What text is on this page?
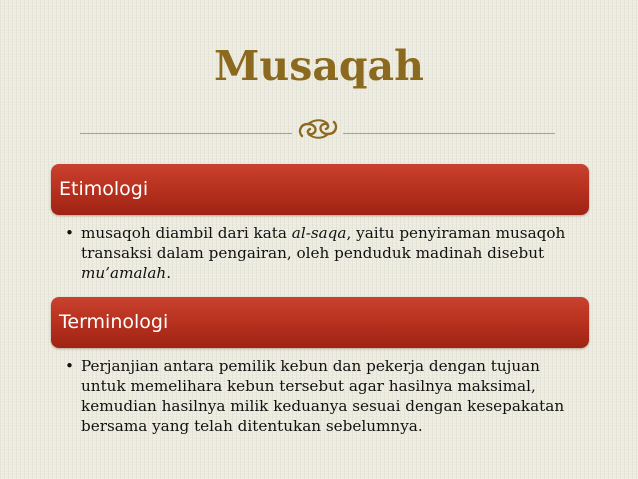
Musaqah
Etimologi
• musaqoh diambil dari kata al-saqa, yaitu penyiraman musaqoh transaksi dalam pengairan, oleh penduduk madinah disebut mu’amalah.
Terminologi
• Perjanjian antara pemilik kebun dan pekerja dengan tujuan untuk memelihara kebun tersebut agar hasilnya maksimal, kemudian hasilnya milik keduanya sesuai dengan kesepakatan bersama yang telah ditentukan sebelumnya.
